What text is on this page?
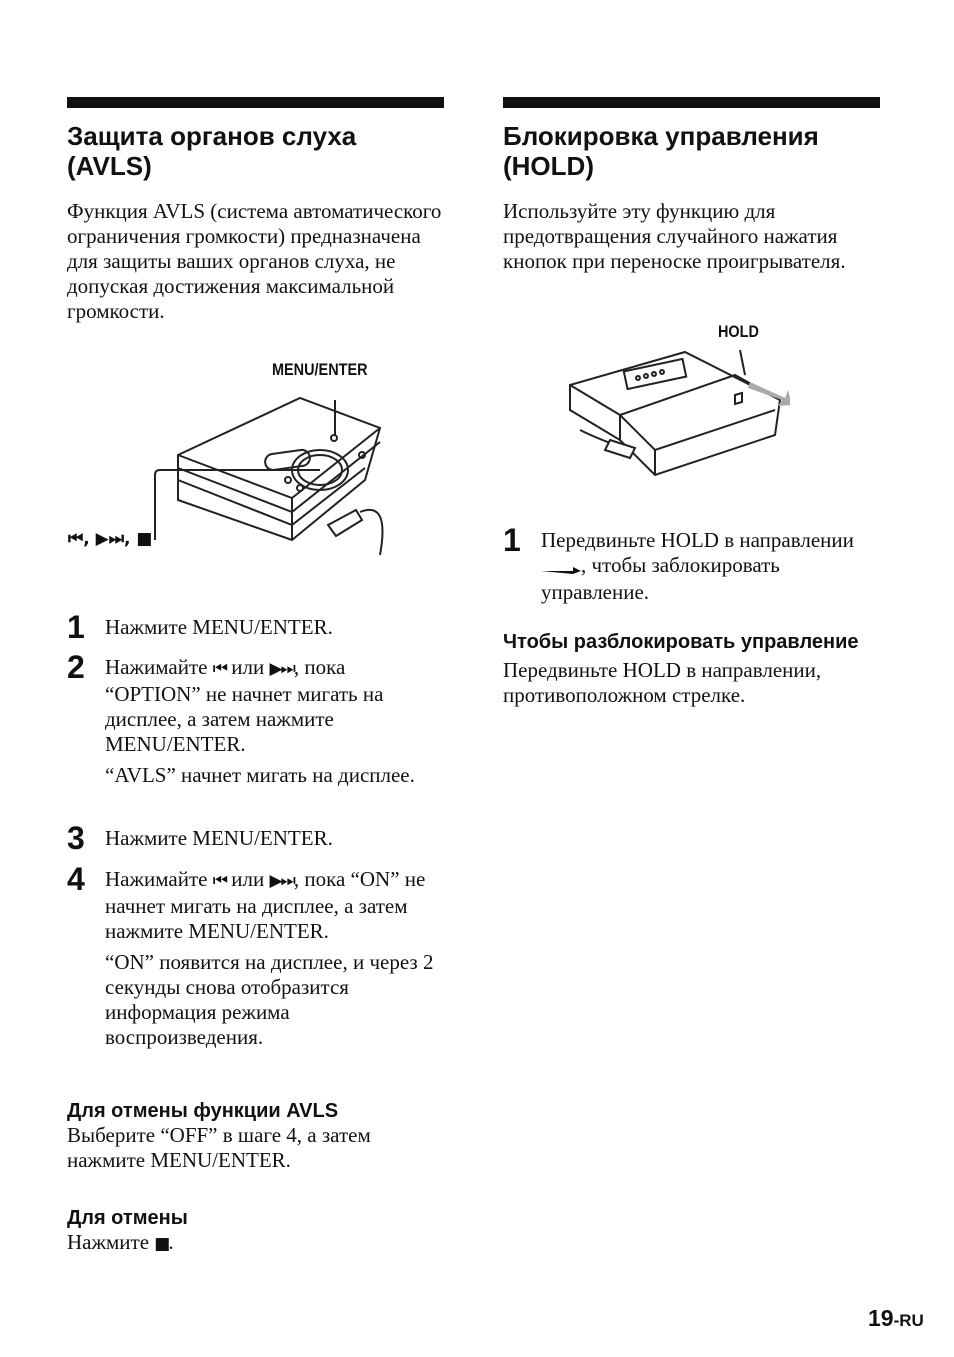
Защита органов слуха (AVLS)

Функция AVLS (система автоматического ограничения громкости) предназначена для защиты ваших органов слуха, не допуская достижения максимальной громкости.

MENU/ENTER
⏮, ▶⏭, ■
1 Нажмите MENU/ENTER.

2 Нажимайте ⏮ или ▶⏭, пока “OPTION” не начнет мигать на дисплее, а затем нажмите MENU/ENTER.

“AVLS” начнет мигать на дисплее.

3 Нажмите MENU/ENTER.

4 Нажимайте ⏮ или ▶⏭, пока “ON” не начнет мигать на дисплее, а затем нажмите MENU/ENTER.

“ON” появится на дисплее, и через 2 секунды снова отобразится информация режима воспроизведения.

Для отмены функции AVLS

Выберите “OFF” в шаге 4, а затем нажмите MENU/ENTER.

Для отмены

Нажмите ■.

Блокировка управления (HOLD)

Используйте эту функцию для предотвращения случайного нажатия кнопок при переноске проигрывателя.

HOLD
1 Передвиньте HOLD в направлении , чтобы заблокировать управление.

Чтобы разблокировать управление

Передвиньте HOLD в направлении, противоположном стрелке.

19-RU
